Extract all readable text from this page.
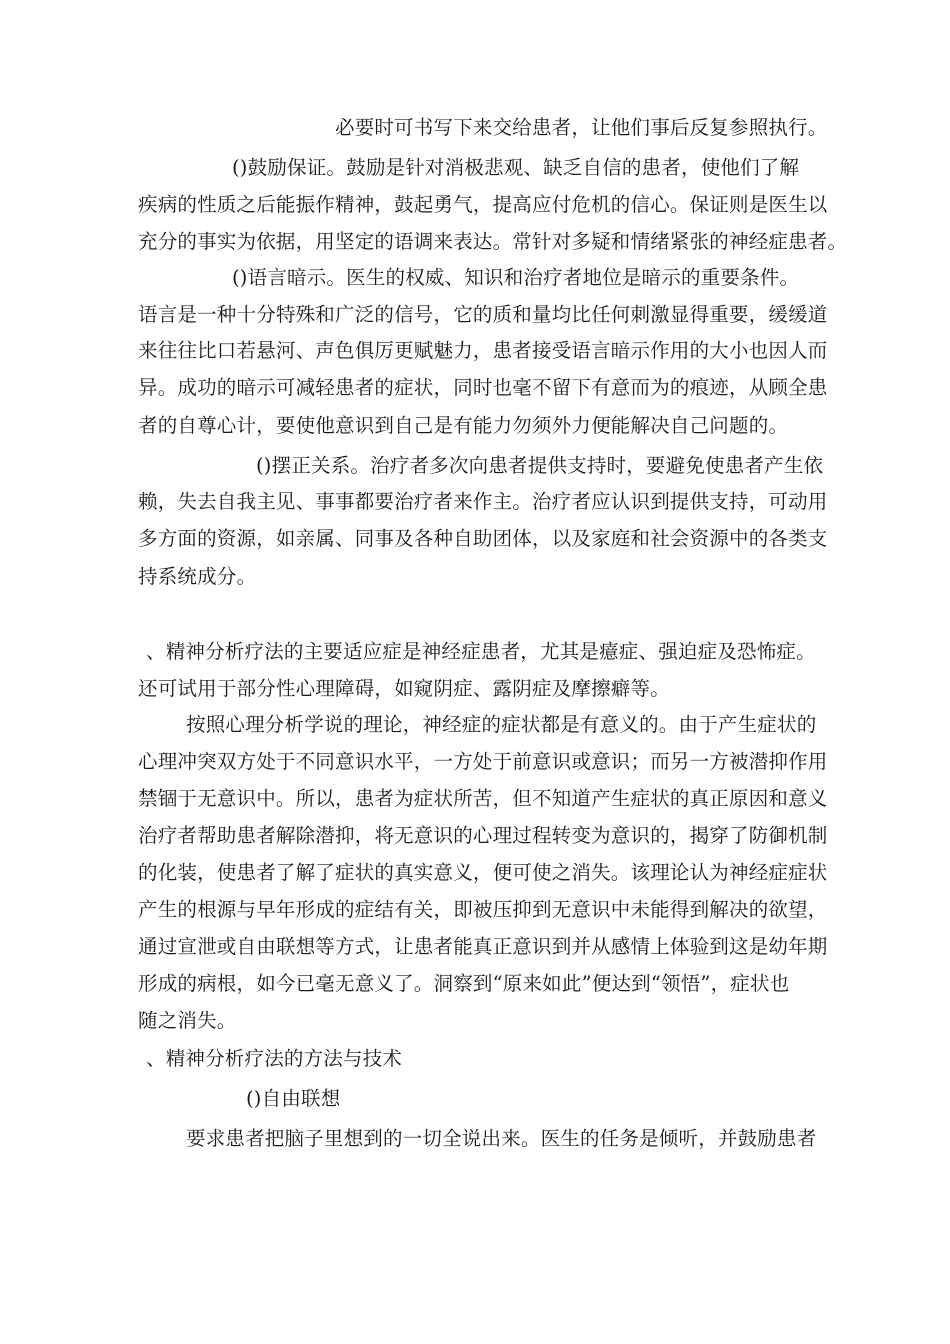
必要时可书写下来交给患者，让他们事后反复参照执行。
()鼓励保证。鼓励是针对消极悲观、缺乏自信的患者，使他们了解
疾病的性质之后能振作精神，鼓起勇气，提高应付危机的信心。保证则是医生以
充分的事实为依据，用坚定的语调来表达。常针对多疑和情绪紧张的神经症患者。
()语言暗示。医生的权威、知识和治疗者地位是暗示的重要条件。
语言是一种十分特殊和广泛的信号，它的质和量均比任何刺激显得重要，缓缓道
来往往比口若悬河、声色俱厉更赋魅力，患者接受语言暗示作用的大小也因人而
异。成功的暗示可减轻患者的症状，同时也毫不留下有意而为的痕迹，从顾全患
者的自尊心计，要使他意识到自己是有能力勿须外力便能解决自己问题的。
()摆正关系。治疗者多次向患者提供支持时，要避免使患者产生依
赖，失去自我主见、事事都要治疗者来作主。治疗者应认识到提供支持，可动用
多方面的资源，如亲属、同事及各种自助团体，以及家庭和社会资源中的各类支
持系统成分。
、精神分析疗法的主要适应症是神经症患者，尤其是癔症、强迫症及恐怖症。
还可试用于部分性心理障碍，如窥阴症、露阴症及摩擦癖等。
按照心理分析学说的理论，神经症的症状都是有意义的。由于产生症状的
心理冲突双方处于不同意识水平，一方处于前意识或意识；而另一方被潜抑作用
禁锢于无意识中。所以，患者为症状所苦，但不知道产生症状的真正原因和意义
治疗者帮助患者解除潜抑，将无意识的心理过程转变为意识的，揭穿了防御机制
的化装，使患者了解了症状的真实意义，便可使之消失。该理论认为神经症症状
产生的根源与早年形成的症结有关，即被压抑到无意识中未能得到解决的欲望，
通过宣泄或自由联想等方式，让患者能真正意识到并从感情上体验到这是幼年期
形成的病根，如今已毫无意义了。洞察到“原来如此”便达到“领悟”，症状也
随之消失。
、精神分析疗法的方法与技术
()自由联想
要求患者把脑子里想到的一切全说出来。医生的任务是倾听，并鼓励患者
